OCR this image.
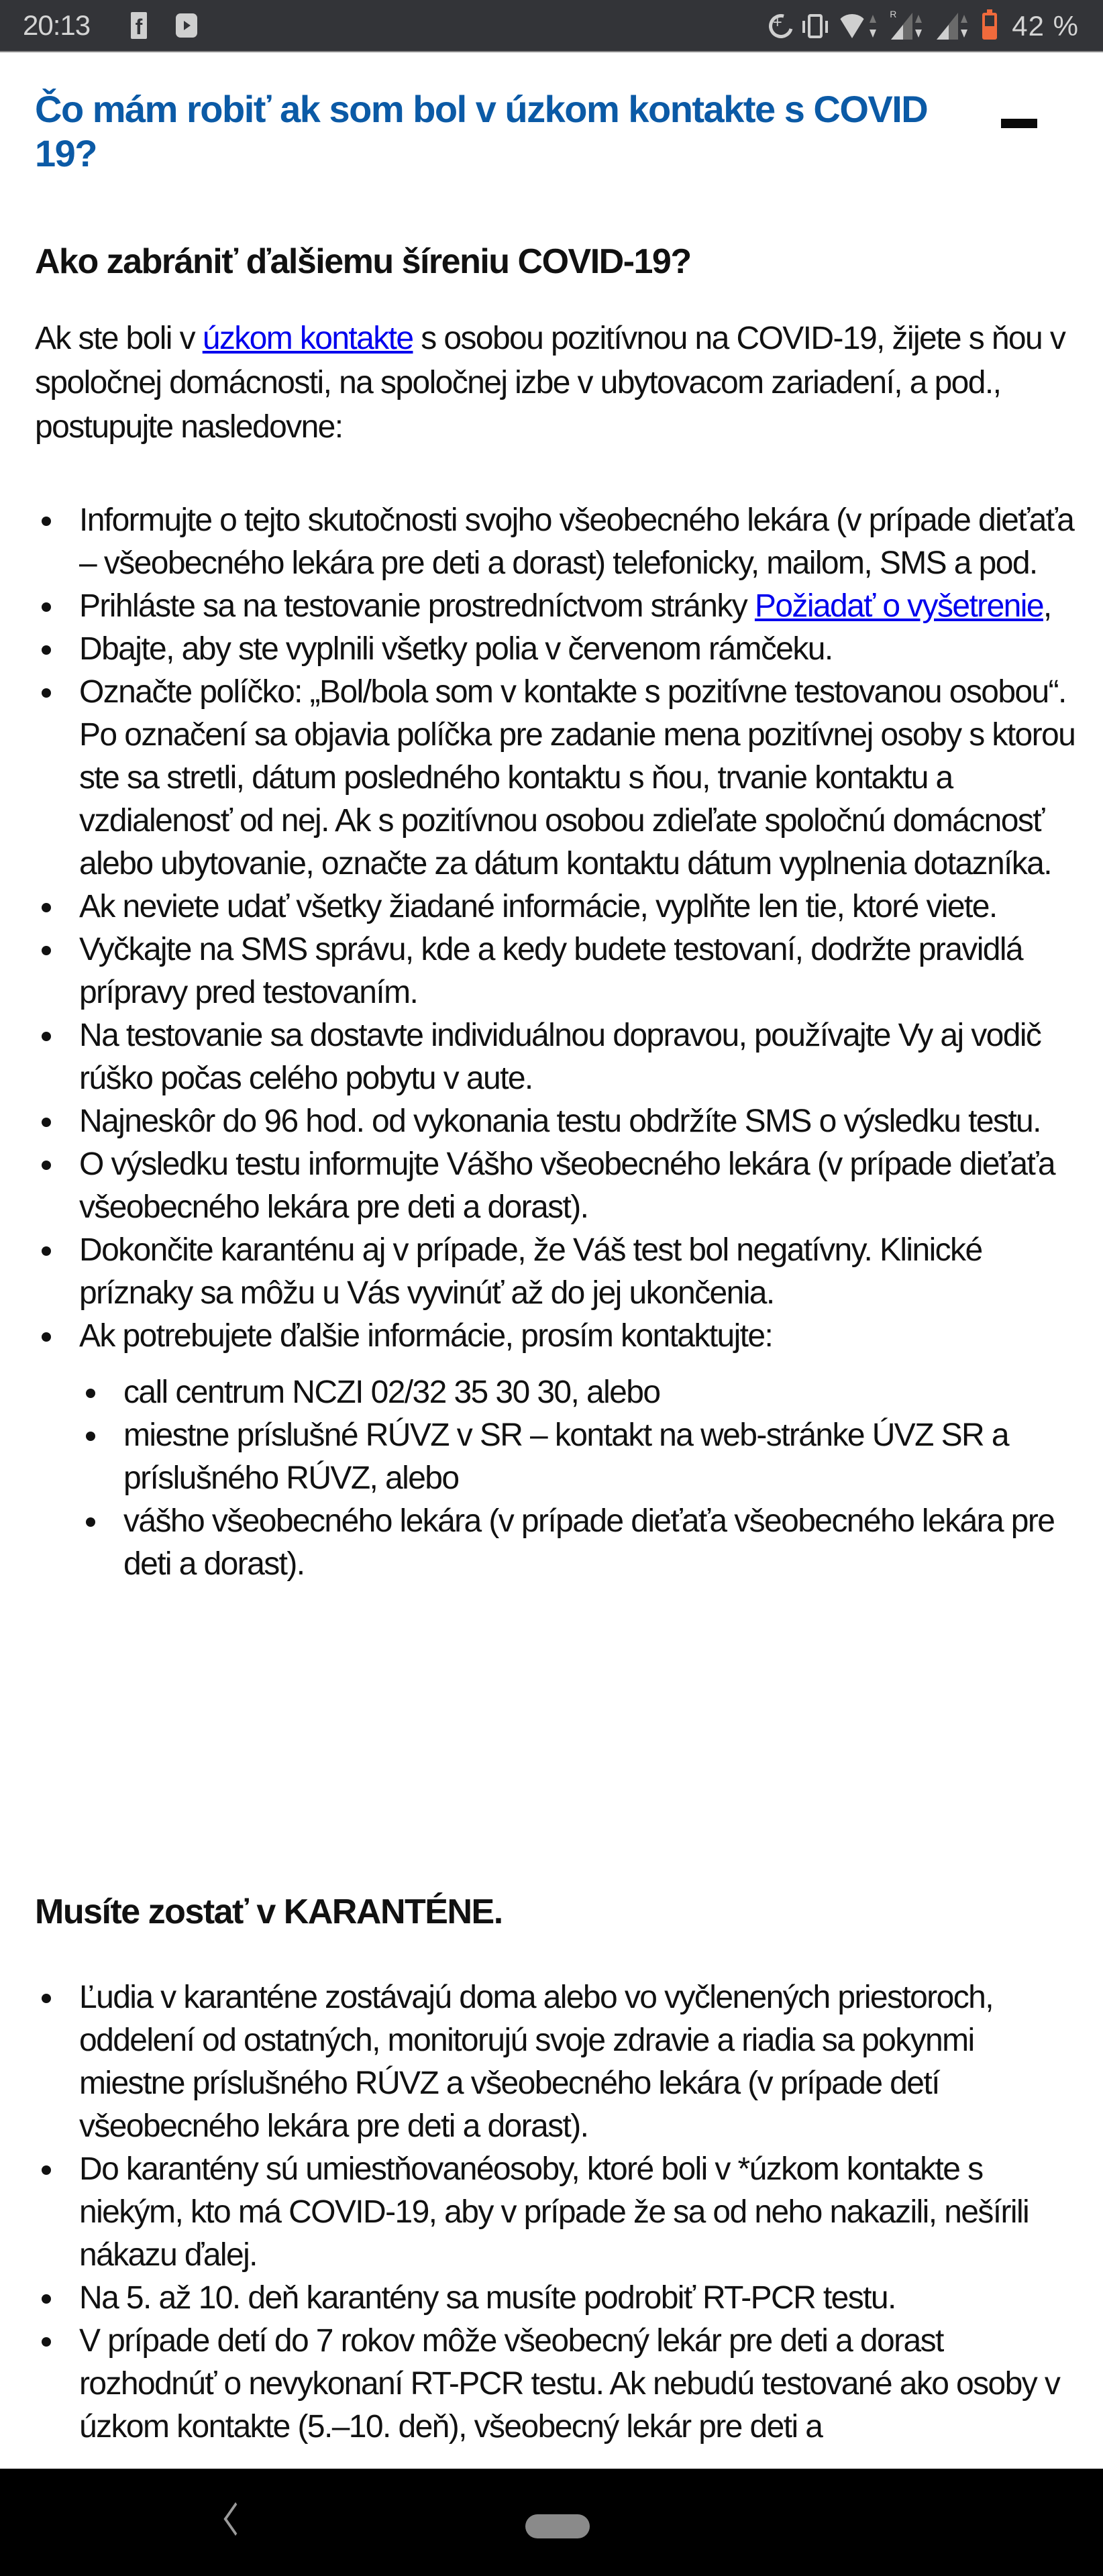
20:13 f
+
R	42 %
Čo mám robiť ak som bol v úzkom kontakte s COVID 19?
Ako zabrániť ďalšiemu šíreniu COVID-19?

Ak ste boli v úzkom kontakte s osobou pozitívnou na COVID-19, žijete s ňou v spoločnej domácnosti, na spoločnej izbe v ubytovacom zariadení, a pod., postupujte nasledovne:

Informujte o tejto skutočnosti svojho všeobecného lekára (v prípade dieťaťa – všeobecného lekára pre deti a dorast) telefonicky, mailom, SMS a pod.
Prihláste sa na testovanie prostredníctvom stránky Požiadať o vyšetrenie,
Dbajte, aby ste vyplnili všetky polia v červenom rámčeku.
Označte políčko: „Bol/bola som v kontakte s pozitívne testovanou osobou“. Po označení sa objavia políčka pre zadanie mena pozitívnej osoby s ktorou ste sa stretli, dátum posledného kontaktu s ňou, trvanie kontaktu a vzdialenosť od nej. Ak s pozitívnou osobou zdieľate spoločnú domácnosť alebo ubytovanie, označte za dátum kontaktu dátum vyplnenia dotazníka.
Ak neviete udať všetky žiadané informácie, vyplňte len tie, ktoré viete.
Vyčkajte na SMS správu, kde a kedy budete testovaní, dodržte pravidlá prípravy pred testovaním.
Na testovanie sa dostavte individuálnou dopravou, používajte Vy aj vodič rúško počas celého pobytu v aute.
Najneskôr do 96 hod. od vykonania testu obdržíte SMS o výsledku testu.
O výsledku testu informujte Vášho všeobecného lekára (v prípade dieťaťa všeobecného lekára pre deti a dorast).
Dokončite karanténu aj v prípade, že Váš test bol negatívny. Klinické príznaky sa môžu u Vás vyvinúť až do jej ukončenia.
Ak potrebujete ďalšie informácie, prosím kontaktujte:
call centrum NCZI 02/32 35 30 30, alebo
miestne príslušné RÚVZ v SR – kontakt na web-stránke ÚVZ SR a príslušného RÚVZ, alebo
vášho všeobecného lekára (v prípade dieťaťa všeobecného lekára pre deti a dorast).
Musíte zostať v KARANTÉNE.
Ľudia v karanténe zostávajú doma alebo vo vyčlenených priestoroch, oddelení od ostatných, monitorujú svoje zdravie a riadia sa pokynmi miestne príslušného RÚVZ a všeobecného lekára (v prípade detí všeobecného lekára pre deti a dorast).
Do karantény sú umiestňovanéosoby, ktoré boli v *úzkom kontakte s niekým, kto má COVID-19, aby v prípade že sa od neho nakazili, nešírili nákazu ďalej.
Na 5. až 10. deň karantény sa musíte podrobiť RT-PCR testu.
V prípade detí do 7 rokov môže všeobecný lekár pre deti a dorast rozhodnúť o nevykonaní RT-PCR testu. Ak nebudú testované ako osoby v úzkom kontakte (5.–10. deň), všeobecný lekár pre deti a
